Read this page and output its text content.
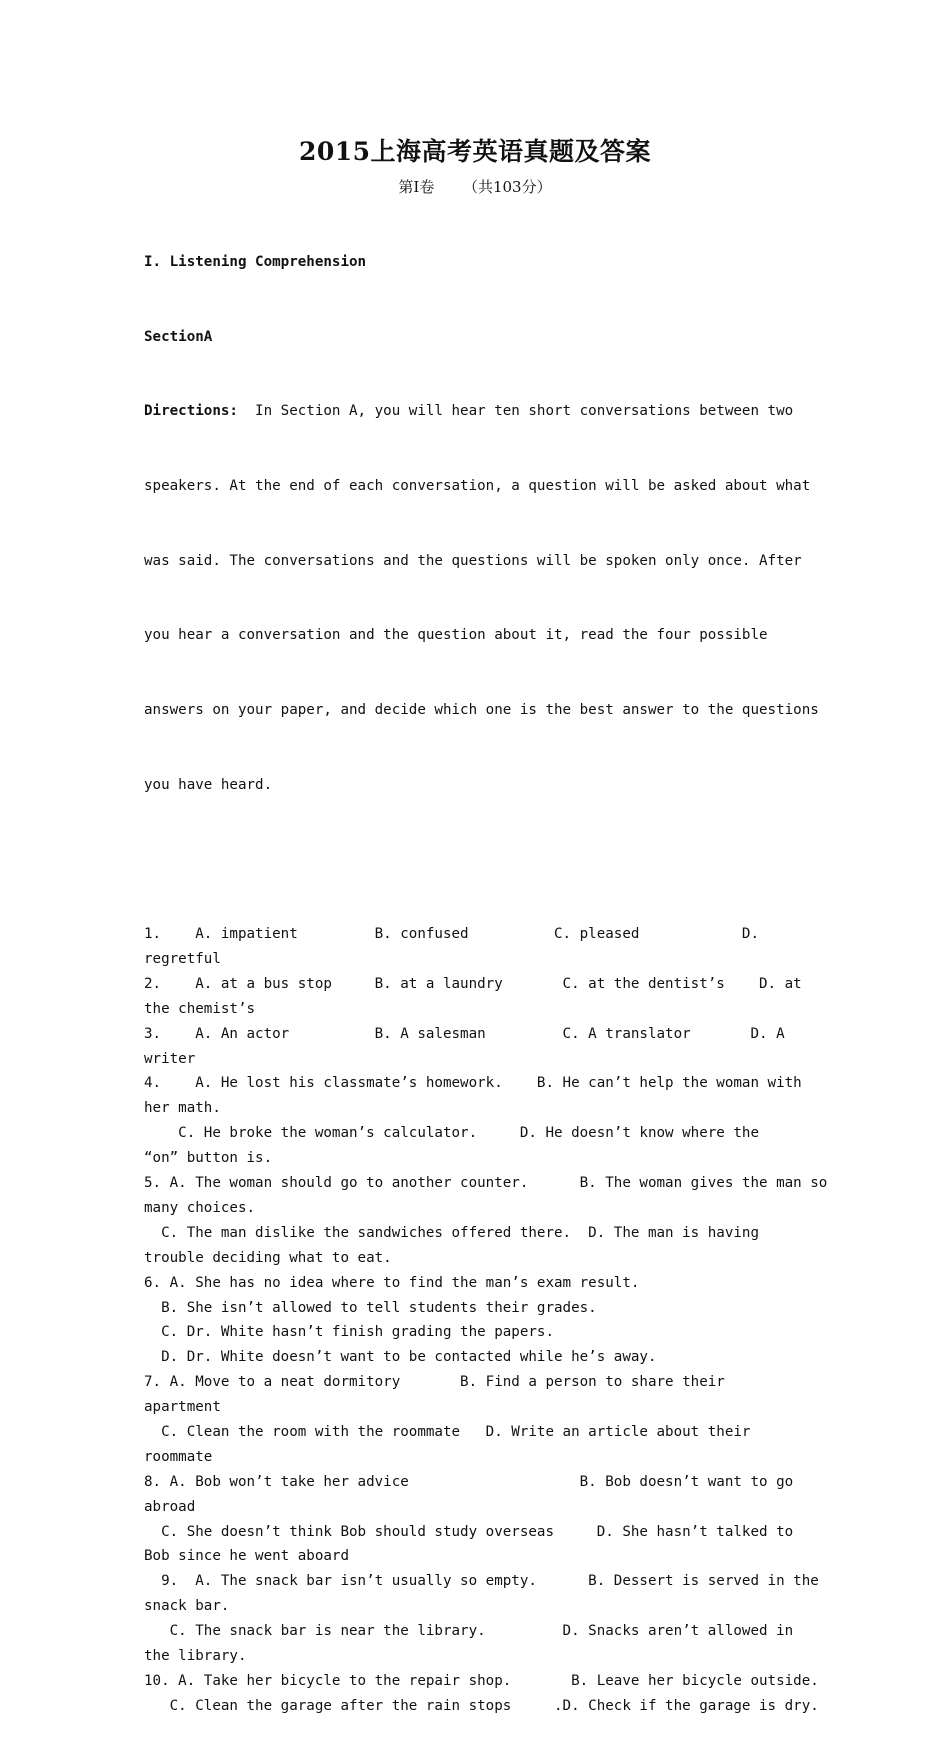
2015上海高考英语真题及答案
第Ⅰ卷      （共103分）

I. Listening Comprehension

SectionA

Directions:  In Section A, you will hear ten short conversations between two

speakers. At the end of each conversation, a question will be asked about what

was said. The conversations and the questions will be spoken only once. After

you hear a conversation and the question about it, read the four possible

answers on your paper, and decide which one is the best answer to the questions

you have heard.

1.    A. impatient         B. confused          C. pleased            D.
regretful
2.    A. at a bus stop     B. at a laundry       C. at the dentist’s    D. at
the chemist’s
3.    A. An actor          B. A salesman         C. A translator       D. A
writer
4.    A. He lost his classmate’s homework.    B. He can’t help the woman with
her math.
C. He broke the woman’s calculator.     D. He doesn’t know where the
“on” button is.
5. A. The woman should go to another counter.      B. The woman gives the man so
many choices.
C. The man dislike the sandwiches offered there.  D. The man is having
trouble deciding what to eat.
6. A. She has no idea where to find the man’s exam result.
B. She isn’t allowed to tell students their grades.
C. Dr. White hasn’t finish grading the papers.
D. Dr. White doesn’t want to be contacted while he’s away.
7. A. Move to a neat dormitory       B. Find a person to share their
apartment
C. Clean the room with the roommate   D. Write an article about their
roommate
8. A. Bob won’t take her advice                    B. Bob doesn’t want to go
abroad
C. She doesn’t think Bob should study overseas     D. She hasn’t talked to
Bob since he went aboard
9.  A. The snack bar isn’t usually so empty.      B. Dessert is served in the
snack bar.
C. The snack bar is near the library.         D. Snacks aren’t allowed in
the library.
10. A. Take her bicycle to the repair shop.       B. Leave her bicycle outside.
C. Clean the garage after the rain stops     .D. Check if the garage is dry.
